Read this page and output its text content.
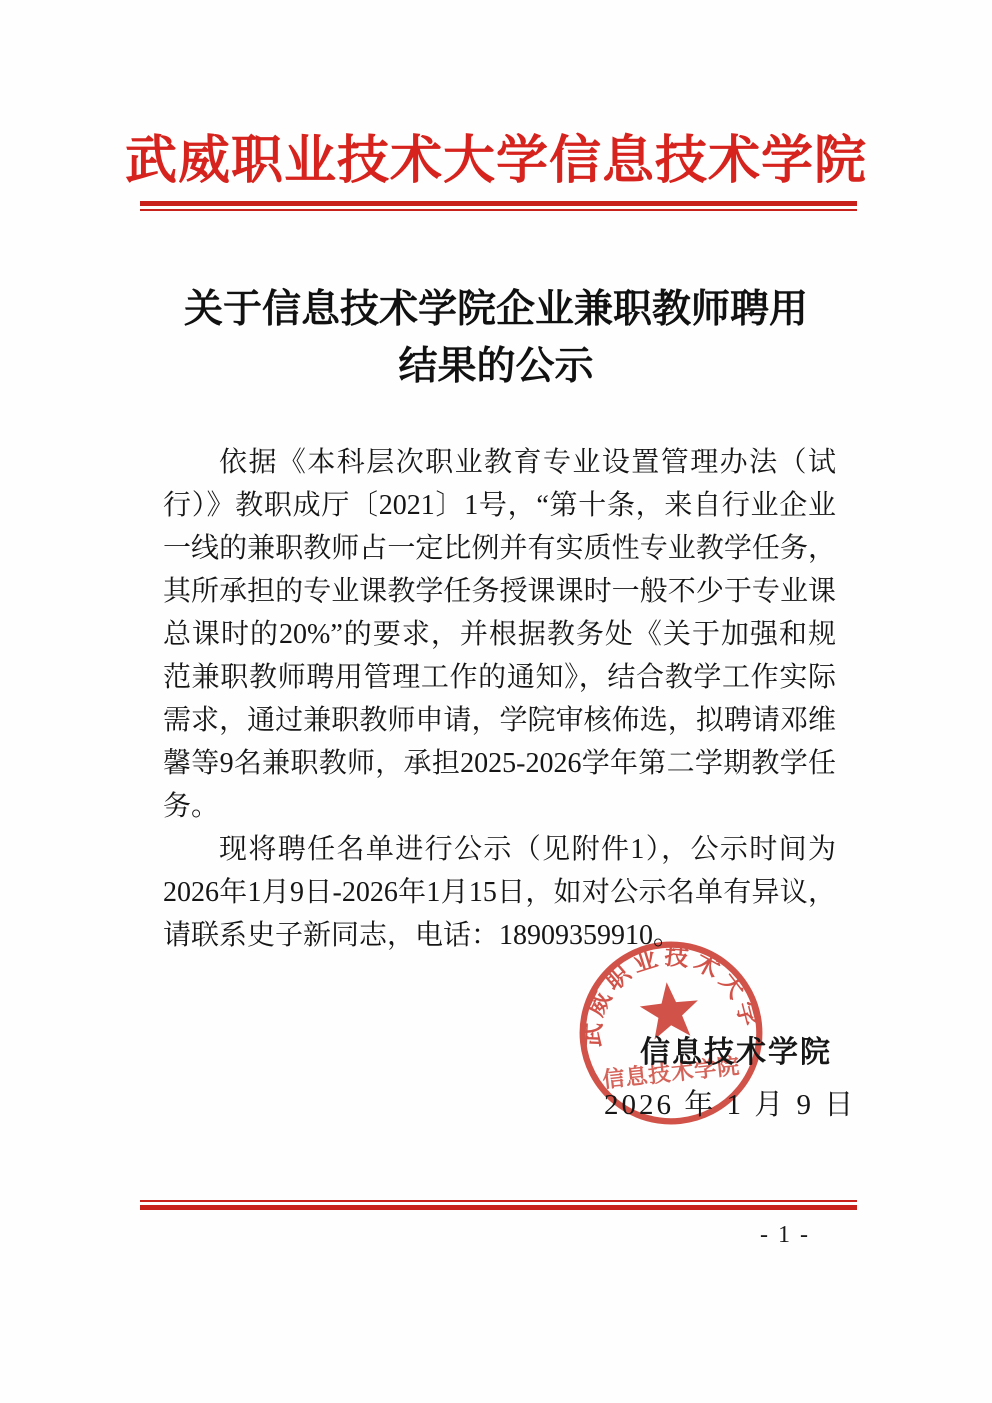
武威职业技术大学信息技术学院
关于信息技术学院企业兼职教师聘用
结果的公示

依据《本科层次职业教育专业设置管理办法（试行）》教职成厅〔2021〕1号，“第十条，来自行业企业一线的兼职教师占一定比例并有实质性专业教学任务，其所承担的专业课教学任务授课课时一般不少于专业课总课时的20%”的要求，并根据教务处《关于加强和规范兼职教师聘用管理工作的通知》，结合教学工作实际需求，通过兼职教师申请，学院审核佈选，拟聘请邓维馨等9名兼职教师，承担2025-2026学年第二学期教学任务。

现将聘任名单进行公示（见附件1），公示时间为2026年1月9日-2026年1月15日，如对公示名单有异议，请联系史子新同志，电话：18909359910。

武威职业技术大学
信息技术学院
信息技术学院
2026 年 1 月 9 日
- 1 -
